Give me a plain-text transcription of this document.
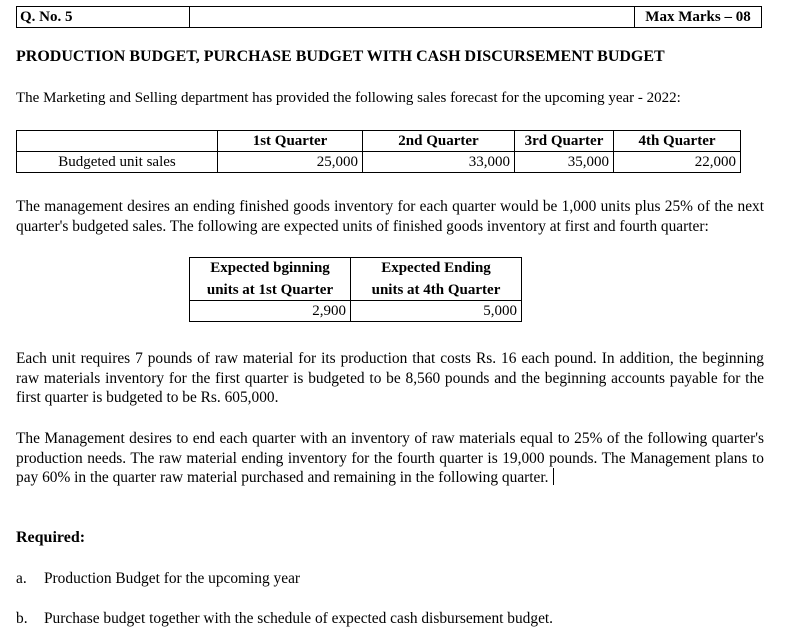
Q. No. 5	Max Marks – 08
PRODUCTION BUDGET, PURCHASE BUDGET WITH CASH DISCURSEMENT BUDGET
The Marketing and Selling department has provided the following sales forecast for the upcoming year - 2022:
	1st Quarter	2nd Quarter	3rd Quarter	4th Quarter
Budgeted unit sales	25,000	33,000	35,000	22,000
The management desires an ending finished goods inventory for each quarter would be 1,000 units plus 25% of the next quarter's budgeted sales. The following are expected units of finished goods inventory at first and fourth quarter:
Expected bginning	Expected Ending
units at 1st Quarter	units at 4th Quarter
2,900	5,000
Each unit requires 7 pounds of raw material for its production that costs Rs. 16 each pound. In addition, the beginning raw materials inventory for the first quarter is budgeted to be 8,560 pounds and the beginning accounts payable for the first quarter is budgeted to be Rs. 605,000.
The Management desires to end each quarter with an inventory of raw materials equal to 25% of the following quarter's production needs. The raw material ending inventory for the fourth quarter is 19,000 pounds. The Management plans to pay 60% in the quarter raw material purchased and remaining in the following quarter.
Required:
a. Production Budget for the upcoming year
b. Purchase budget together with the schedule of expected cash disbursement budget.
